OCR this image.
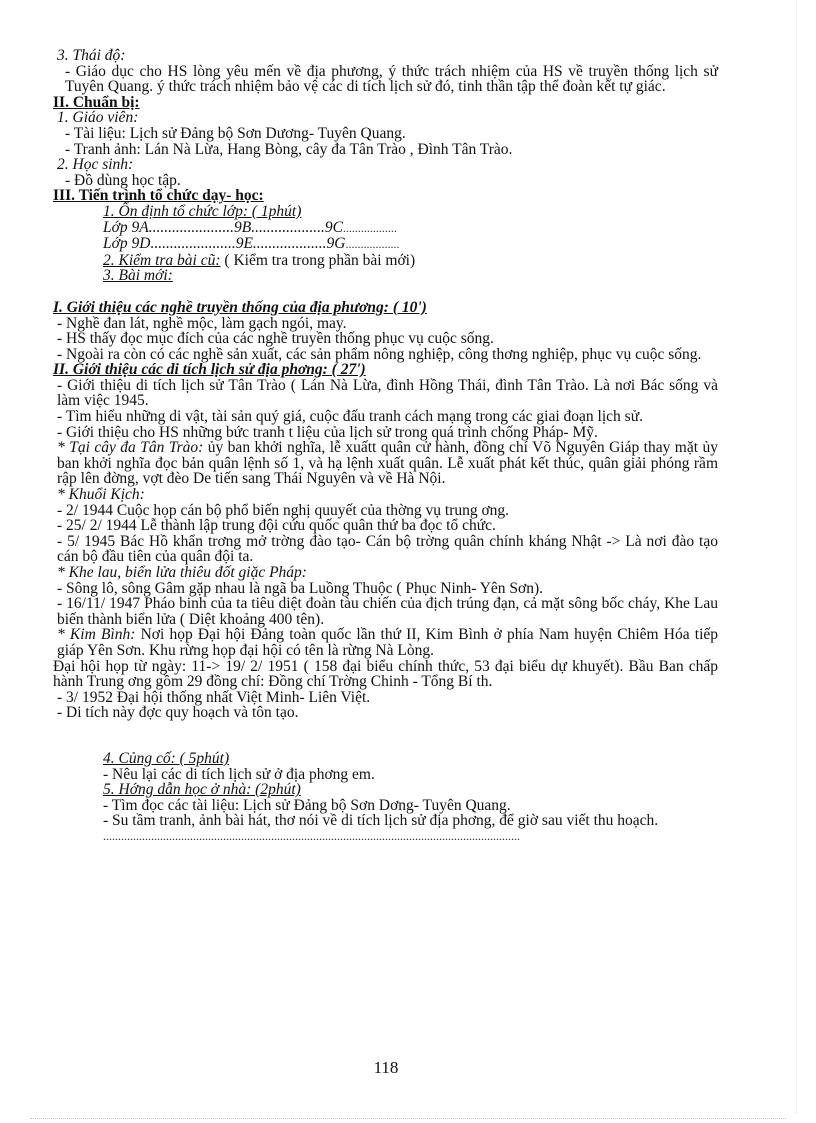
3. Thái độ:

- Giáo dục cho HS lòng yêu mến về địa phương, ý thức trách nhiệm của HS về truyền thống lịch sử Tuyên Quang. ý thức trách nhiệm bảo vệ các di tích lịch sử đó, tinh thần tập thể đoàn kết tự giác.

II. Chuẩn bị:

1. Giáo viên:

- Tài liệu: Lịch sử Đảng bộ Sơn Dương- Tuyên Quang.

- Tranh ảnh: Lán Nà Lừa, Hang Bòng, cây đa Tân Trào , Đình Tân Trào.

2. Học sinh:

- Đồ dùng học tập.

III. Tiến trình tổ chức dạy- học:

1. Ổn định tổ chức lớp: ( 1phút)

Lớp 9A......................9B...................9C..................

Lớp 9D......................9E...................9G..................

2. Kiểm tra bài cũ: ( Kiểm tra trong phần bài mới)

3. Bài mới:

I. Giới thiệu các nghề truyền thống của địa phương: ( 10')

- Nghề đan lát, nghề mộc, làm gạch ngói, may.

- HS thấy đọc mục đích của các nghề truyền thống phục vụ cuộc sống.

- Ngoài ra còn có các nghề sản xuất, các sản phẩm nông nghiệp, công thơng nghiệp, phục vụ cuộc sống.

II. Giới thiệu các di tích lịch sử địa phơng: ( 27')

- Giới thiệu di tích lịch sử Tân Trào ( Lán Nà Lừa, đình Hồng Thái, đình Tân Trào. Là nơi Bác sống và làm việc 1945.

- Tìm hiểu những di vật, tài sản quý giá, cuộc đấu tranh cách mạng trong các giai đoạn lịch sử.

- Giới thiệu cho HS những bức tranh t liệu của lịch sử trong quá trình chống Pháp- Mỹ.

* Tại cây đa Tân Trào: ủy ban khởi nghĩa, lễ xuấtt quân cử hành, đồng chí Võ Nguyên Giáp thay mặt ủy ban khởi nghĩa đọc bản quân lệnh số 1, và hạ lệnh xuất quân. Lễ xuất phát kết thúc, quân giải phóng rầm rập lên đờng, vợt đèo De tiến sang Thái Nguyên và về Hà Nội.

* Khuổi Kịch:

- 2/ 1944 Cuộc họp cán bộ phổ biến nghị quuyết của thờng vụ trung ơng.

- 25/ 2/ 1944 Lễ thành lập trung đội cứu quốc quân thứ ba đọc tổ chức.

- 5/ 1945 Bác Hồ khẩn trơng mở trờng đào tạo- Cán bộ trờng quân chính kháng Nhật -> Là nơi đào tạo cán bộ đầu tiên của quân đội ta.

* Khe lau, biển lửa thiêu đốt giặc Pháp:

- Sông lô, sông Gâm gặp nhau là ngã ba Luồng Thuộc ( Phục Ninh- Yên Sơn).

- 16/11/ 1947 Pháo binh của ta tiêu diệt đoàn tàu chiến của địch trúng đạn, cả mặt sông bốc cháy, Khe Lau biến thành biển lửa ( Diệt khoảng 400 tên).

* Kim Bình: Nơi họp Đại hội Đảng toàn quốc lần thứ II, Kim Bình ở phía Nam huyện Chiêm Hóa tiếp giáp Yên Sơn. Khu rừng họp đại hội có tên là rừng Nà Lòng.

Đại hội họp từ ngày: 11-> 19/ 2/ 1951 ( 158 đại biểu chính thức, 53 đại biểu dự khuyết). Bầu Ban chấp hành Trung ơng gồm 29 đồng chí: Đồng chí Trờng Chinh - Tổng Bí th.

- 3/ 1952 Đại hội thống nhất Việt Minh- Liên Việt.

- Di tích này đợc quy hoạch và tôn tạo.

4. Củng cố: ( 5phút)

- Nêu lại các di tích lịch sử ở địa phơng em.

5. Hớng dẫn học ở nhà: (2phút)

- Tìm đọc các tài liệu: Lịch sử Đảng bộ Sơn Dơng- Tuyên Quang.

- Su tầm tranh, ảnh bài hát, thơ nói về di tích lịch sử địa phơng, để giờ sau viết thu hoạch.

...........................................................................................................................................

118
